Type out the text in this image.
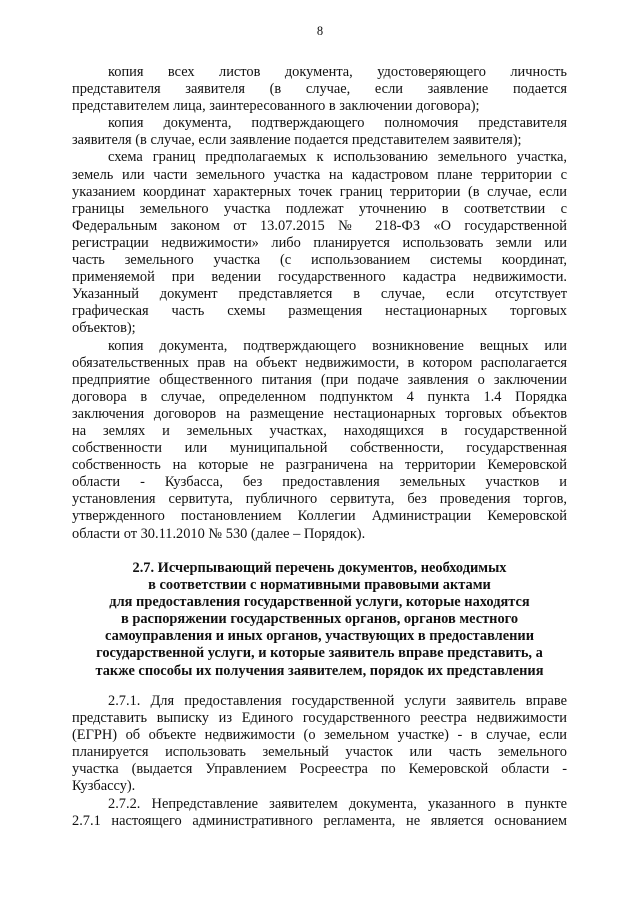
8
копия всех листов документа, удостоверяющего личность
представителя заявителя (в случае, если заявление подается
представителем лица, заинтересованного в заключении договора);
копия документа, подтверждающего полномочия представителя
заявителя (в случае, если заявление подается представителем заявителя);
схема границ предполагаемых к использованию земельного участка,
земель или части земельного участка на кадастровом плане территории с
указанием координат характерных точек границ территории (в случае, если
границы земельного участка подлежат уточнению в соответствии с
Федеральным законом от 13.07.2015 № 218-ФЗ «О государственной
регистрации недвижимости» либо планируется использовать земли или
часть земельного участка (с использованием системы координат,
применяемой при ведении государственного кадастра недвижимости.
Указанный документ представляется в случае, если отсутствует
графическая часть схемы размещения нестационарных торговых
объектов);
копия документа, подтверждающего возникновение вещных или
обязательственных прав на объект недвижимости, в котором располагается
предприятие общественного питания (при подаче заявления о заключении
договора в случае, определенном подпунктом 4 пункта 1.4 Порядка
заключения договоров на размещение нестационарных торговых объектов
на землях и земельных участках, находящихся в государственной
собственности или муниципальной собственности, государственная
собственность на которые не разграничена на территории Кемеровской
области - Кузбасса, без предоставления земельных участков и
установления сервитута, публичного сервитута, без проведения торгов,
утвержденного постановлением Коллегии Администрации Кемеровской
области от 30.11.2010 № 530 (далее – Порядок).
2.7. Исчерпывающий перечень документов, необходимых
в соответствии с нормативными правовыми актами
для предоставления государственной услуги, которые находятся
в распоряжении государственных органов, органов местного
самоуправления и иных органов, участвующих в предоставлении
государственной услуги, и которые заявитель вправе представить, а
также способы их получения заявителем, порядок их представления
2.7.1. Для предоставления государственной услуги заявитель вправе
представить выписку из Единого государственного реестра недвижимости
(ЕГРН) об объекте недвижимости (о земельном участке) - в случае, если
планируется использовать земельный участок или часть земельного
участка (выдается Управлением Росреестра по Кемеровской области -
Кузбассу).
2.7.2. Непредставление заявителем документа, указанного в пункте
2.7.1 настоящего административного регламента, не является основанием
